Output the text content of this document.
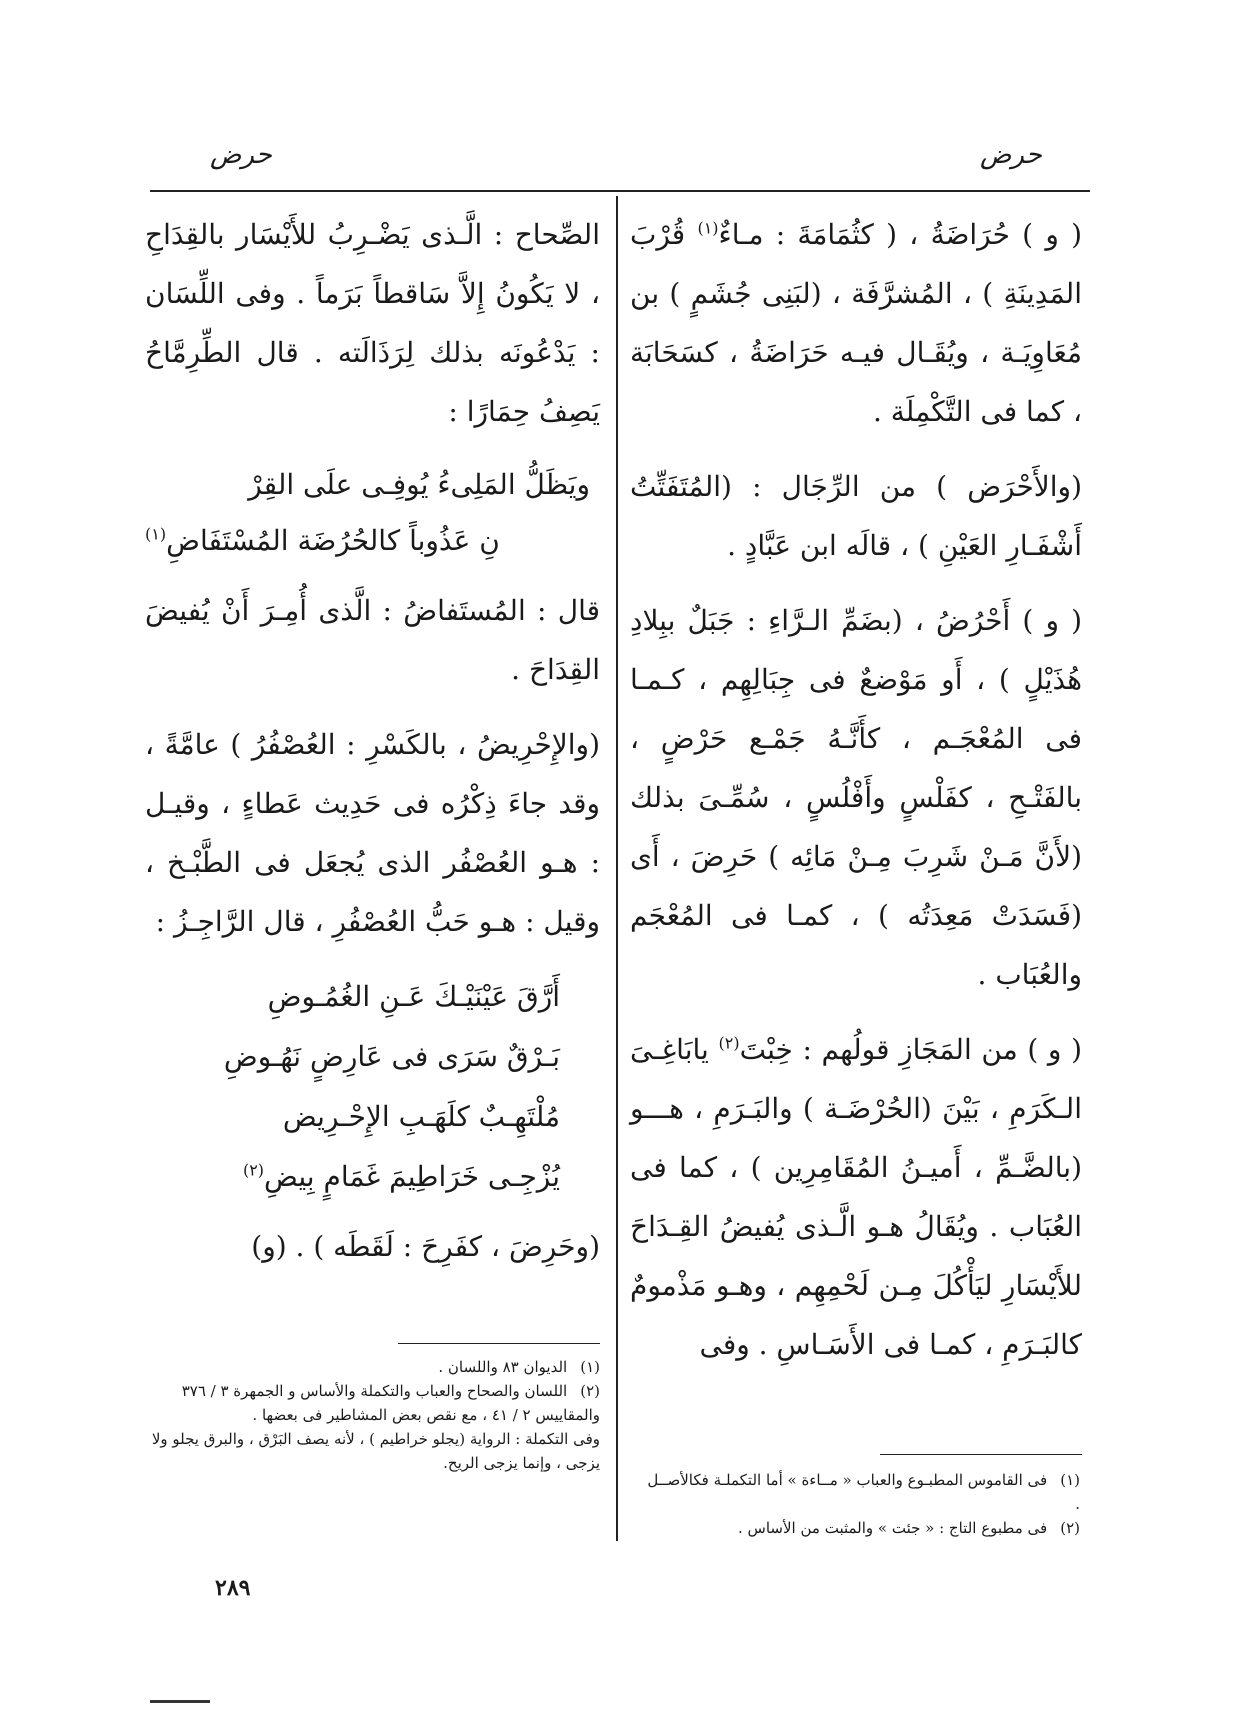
حرض	حرض

( و ) حُرَاضَةُ ، ( كثُمَامَةَ : مـاءٌ$^{(١)}$ قُرْبَ المَدِينَةِ ) ، المُشرَّفَة ، (لبَنِى جُشَمٍ ) بن مُعَاوِيَـة ، ويُقَـال فيـه حَرَاضَةُ ، كسَحَابَة ، كما فى التَّكْمِلَة .

(والأَحْرَض ) من الرِّجَال : (المُتَفَتِّتُ أَشْفَـارِ العَيْنِ ) ، قالَه ابن عَبَّادٍ .

( و ) أَحْرُضُ ، (بضَمِّ الـرَّاءِ : جَبَلٌ ببِلادِ هُذَيْلٍ ) ، أَو مَوْضعٌ فى جِبَالِهِم ، كـمـا فى المُعْجَـم ، كأَنَّـهُ جَمْـع حَرْضٍ ، بالفَتْـحِ ، كفَلْسٍ وأَفْلُسٍ ، سُمِّـىَ بذلك (لأَنَّ مَـنْ شَرِبَ مِـنْ مَائِه ) حَرِضَ ، أَى (فَسَدَتْ مَعِدَتُه ) ، كمـا فى المُعْجَم والعُبَاب .

( و ) من المَجَازِ قولُهم : خِبْتَ$^{(٢)}$ يابَاغِـىَ الـكَرَمِ ، بَيْنَ (الحُرْضَـة ) والبَـرَمِ ، هـــو (بالضَّـمِّ ، أَميـنُ المُقَامِرِين ) ، كما فى العُبَاب . ويُقَالُ هـو الَّـذى يُفيضُ القِـدَاحَ للأَيْسَارِ ليَأْكُلَ مِـن لَحْمِهِم ، وهـو مَذْمومٌ كالبَـرَمِ ، كمـا فى الأَسَـاسِ . وفى

(١) فى القاموس المطبـوع والعباب « مــاءة » أما التكملـة فكالأصــل .
(٢) فى مطبوع التاج : « جئت » والمثبت من الأساس .

الصِّحاح : الَّـذى يَضْـرِبُ للأَيْسَار بالقِدَاحِ ، لا يَكُونُ إِلاَّ سَاقطاً بَرَماً . وفى اللِّسَان : يَدْعُونَه بذلك لِرَذَالَته . قال الطِّرِمَّاحُ يَصِفُ حِمَارًا :

ويَظَلُّ المَلِىءُ يُوفِـى علَى القِرْ
نِ عَذُوباً كالحُرُضَة المُسْتَفَاضِ$^{(١)}$

قال : المُستَفاضُ : الَّذى أُمِـرَ أَنْ يُفيضَ القِدَاحَ .

(والإِحْرِيضُ ، بالكَسْرِ : العُصْفُرُ ) عامَّةً ، وقد جاءَ ذِكْرُه فى حَدِيث عَطاءٍ ، وقيـل : هـو العُصْفُر الذى يُجعَل فى الطَّبْـخ ، وقيل : هـو حَبُّ العُصْفُرِ ، قال الرَّاجِـزُ :

أَرَّقَ عَيْنَيْـكَ عَـنِ الغُمُـوضِ
بَـرْقٌ سَرَى فى عَارِضٍ نَهُـوضِ
مُلْتَهِـبٌ كلَهَـبِ الإِحْـرِيض
يُزْجِـى خَرَاطِيمَ غَمَامٍ بِيضِ$^{(٢)}$

(وحَرِضَ ، كفَرِحَ : لَقَطَه ) . (و)

(١) الديوان ٨٣ واللسان .
(٢) اللسان والصحاح والعباب والتكملة والأساس و الجمهرة ٣ / ٣٧٦ والمقاييس ٢ / ٤١ ، مع نقص بعض المشاطير فى بعضها .
وفى التكملة : الرواية (يجلو خراطيم ) ، لأنه يصف البَرْق ، والبرق يجلو ولا يزجى ، وإنما يزجى الريح.
٢٨٩
